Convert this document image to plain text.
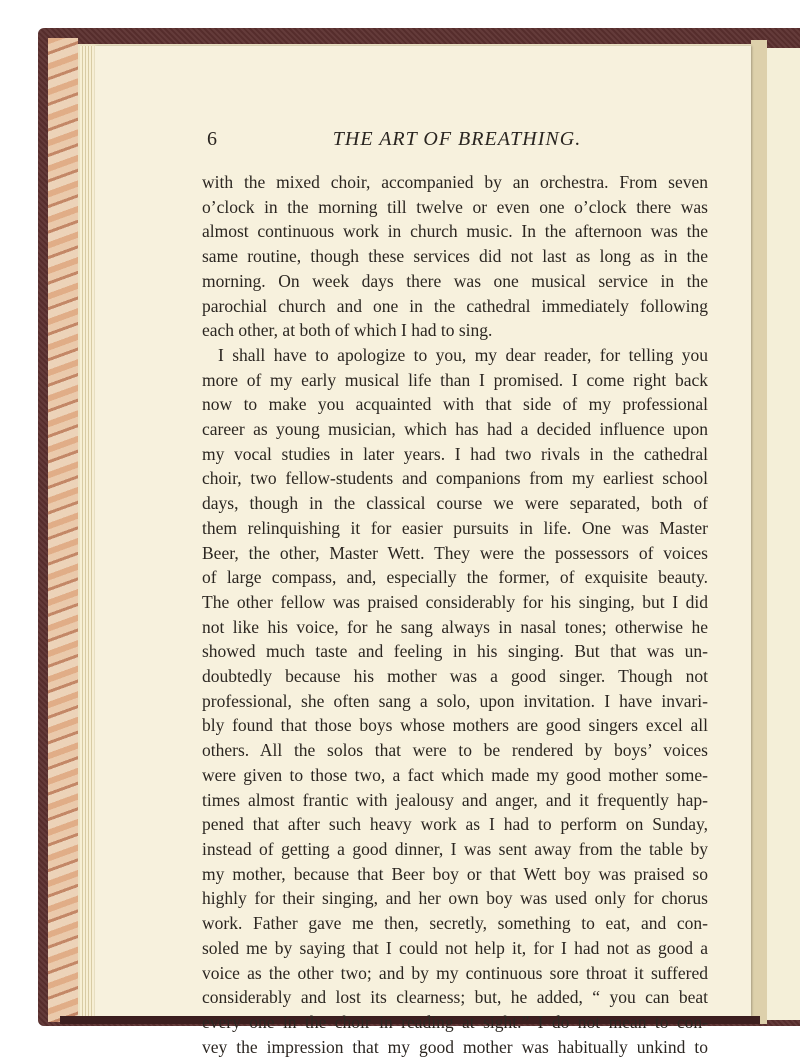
6	THE ART OF BREATHING.

with the mixed choir, accompanied by an orchestra. From seven

o’clock in the morning till twelve or even one o’clock there was

almost continuous work in church music. In the afternoon was the

same routine, though these services did not last as long as in the

morning. On week days there was one musical service in the

parochial church and one in the cathedral immediately following

each other, at both of which I had to sing.

I shall have to apologize to you, my dear reader, for telling you

more of my early musical life than I promised. I come right back

now to make you acquainted with that side of my professional

career as young musician, which has had a decided influence upon

my vocal studies in later years. I had two rivals in the cathedral

choir, two fellow-students and companions from my earliest school

days, though in the classical course we were separated, both of

them relinquishing it for easier pursuits in life. One was Master

Beer, the other, Master Wett. They were the possessors of voices

of large compass, and, especially the former, of exquisite beauty.

The other fellow was praised considerably for his singing, but I did

not like his voice, for he sang always in nasal tones; otherwise he

showed much taste and feeling in his singing. But that was un-

doubtedly because his mother was a good singer. Though not

professional, she often sang a solo, upon invitation. I have invari-

bly found that those boys whose mothers are good singers excel all

others. All the solos that were to be rendered by boys’ voices

were given to those two, a fact which made my good mother some-

times almost frantic with jealousy and anger, and it frequently hap-

pened that after such heavy work as I had to perform on Sunday,

instead of getting a good dinner, I was sent away from the table by

my mother, because that Beer boy or that Wett boy was praised so

highly for their singing, and her own boy was used only for chorus

work. Father gave me then, secretly, something to eat, and con-

soled me by saying that I could not help it, for I had not as good a

voice as the other two; and by my continuous sore throat it suffered

considerably and lost its clearness; but, he added, “ you can beat

every one in the choir in reading at sight.” I do not mean to con-

vey the impression that my good mother was habitually unkind to
